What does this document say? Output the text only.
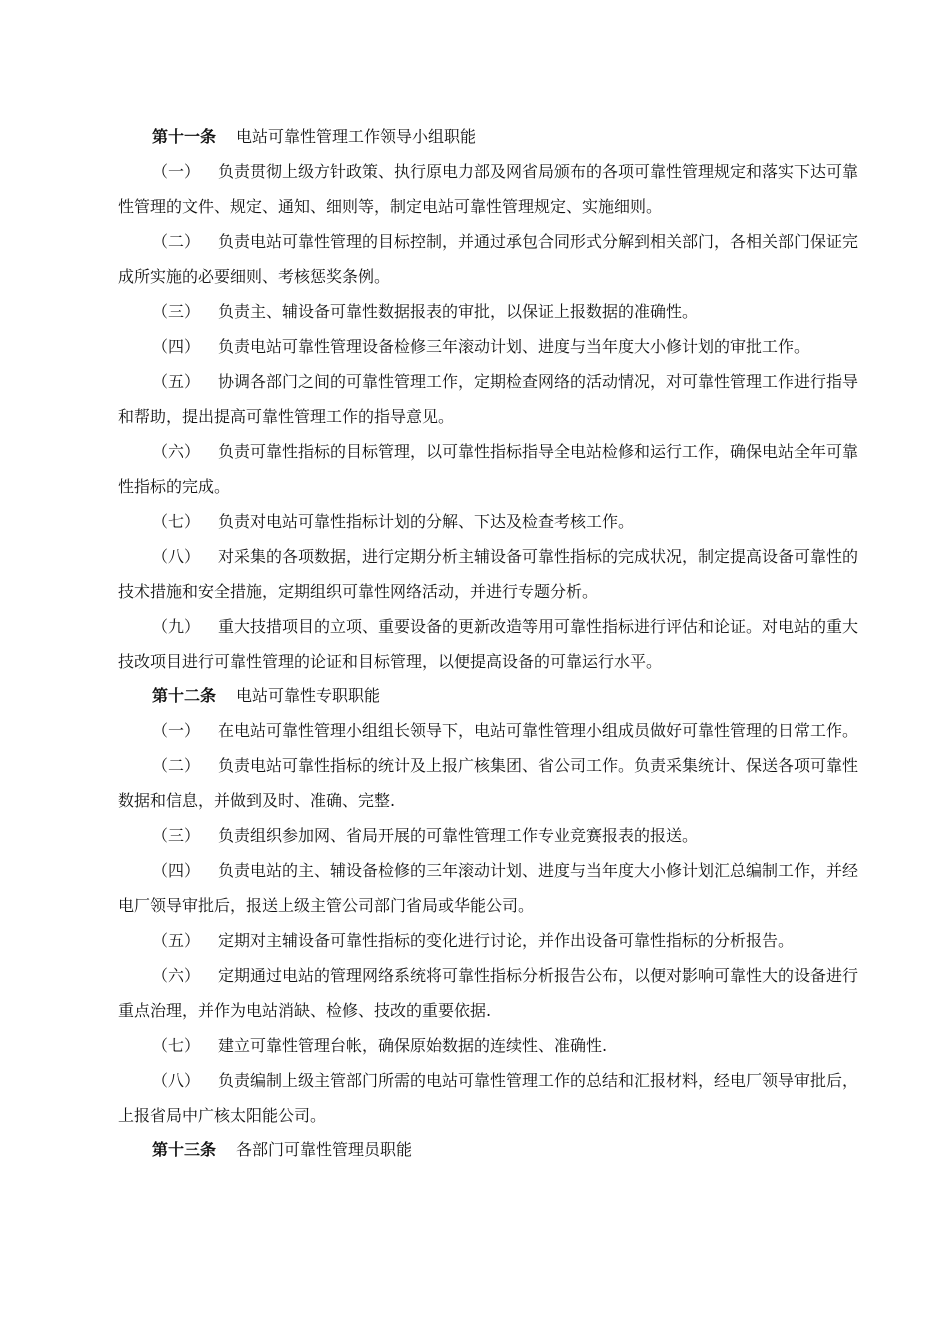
第十一条 电站可靠性管理工作领导小组职能

（一） 负责贯彻上级方针政策、执行原电力部及网省局颁布的各项可靠性管理规定和落实下达可靠性管理的文件、规定、通知、细则等，制定电站可靠性管理规定、实施细则。

（二） 负责电站可靠性管理的目标控制，并通过承包合同形式分解到相关部门，各相关部门保证完成所实施的必要细则、考核惩奖条例。

（三） 负责主、辅设备可靠性数据报表的审批，以保证上报数据的准确性。

（四） 负责电站可靠性管理设备检修三年滚动计划、进度与当年度大小修计划的审批工作。

（五） 协调各部门之间的可靠性管理工作，定期检查网络的活动情况，对可靠性管理工作进行指导和帮助，提出提高可靠性管理工作的指导意见。

（六） 负责可靠性指标的目标管理，以可靠性指标指导全电站检修和运行工作，确保电站全年可靠性指标的完成。

（七） 负责对电站可靠性指标计划的分解、下达及检查考核工作。

（八） 对采集的各项数据，进行定期分析主辅设备可靠性指标的完成状况，制定提高设备可靠性的技术措施和安全措施，定期组织可靠性网络活动，并进行专题分析。

（九） 重大技措项目的立项、重要设备的更新改造等用可靠性指标进行评估和论证。对电站的重大技改项目进行可靠性管理的论证和目标管理，以便提高设备的可靠运行水平。

第十二条 电站可靠性专职职能

（一） 在电站可靠性管理小组组长领导下，电站可靠性管理小组成员做好可靠性管理的日常工作。

（二） 负责电站可靠性指标的统计及上报广核集团、省公司工作。负责采集统计、保送各项可靠性数据和信息，并做到及时、准确、完整.

（三） 负责组织参加网、省局开展的可靠性管理工作专业竞赛报表的报送。

（四） 负责电站的主、辅设备检修的三年滚动计划、进度与当年度大小修计划汇总编制工作，并经电厂领导审批后，报送上级主管公司部门省局或华能公司。

（五） 定期对主辅设备可靠性指标的变化进行讨论，并作出设备可靠性指标的分析报告。

（六） 定期通过电站的管理网络系统将可靠性指标分析报告公布，以便对影响可靠性大的设备进行重点治理，并作为电站消缺、检修、技改的重要依据.

（七） 建立可靠性管理台帐，确保原始数据的连续性、准确性.

（八） 负责编制上级主管部门所需的电站可靠性管理工作的总结和汇报材料，经电厂领导审批后，上报省局中广核太阳能公司。

第十三条 各部门可靠性管理员职能
